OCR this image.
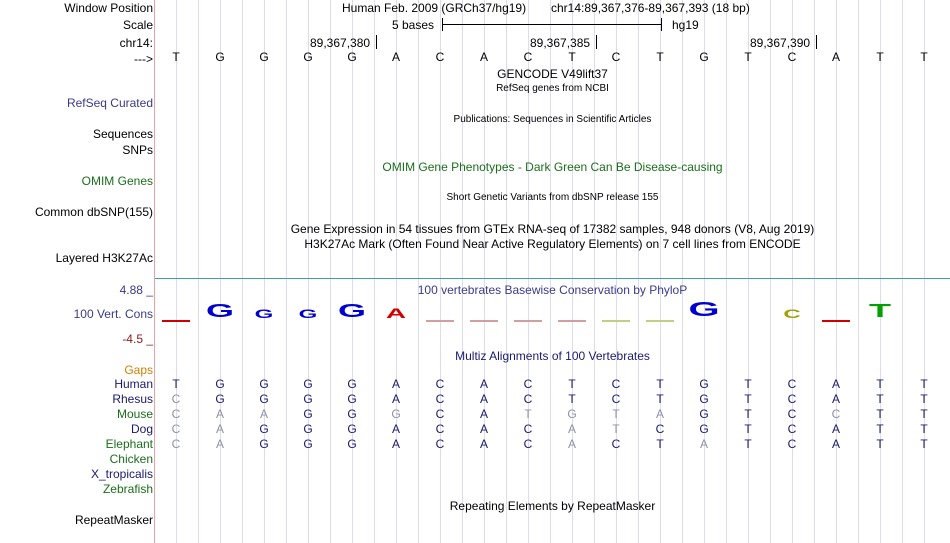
Window Position
Scale
chr14:
--->
RefSeq Curated
Sequences
SNPs
OMIM Genes
Common dbSNP(155)
Layered H3K27Ac
4.88 _
100 Vert. Cons
-4.5 _
Gaps
RepeatMasker
Human Feb. 2009 (GRCh37/hg19) chr14:89,367,376-89,367,393 (18 bp)
5 bases	hg19
89,367,380	89,367,385	89,367,390
GENCODE V49lift37
RefSeq genes from NCBI
Publications: Sequences in Scientific Articles
OMIM Gene Phenotypes - Dark Green Can Be Disease-causing
Short Genetic Variants from dbSNP release 155
Gene Expression in 54 tissues from GTEx RNA-seq of 17382 samples, 948 donors (V8, Aug 2019)
H3K27Ac Mark (Often Found Near Active Regulatory Elements) on 7 cell lines from ENCODE
100 vertebrates Basewise Conservation by PhyloP
Multiz Alignments of 100 Vertebrates
Repeating Elements by RepeatMasker
T	G	G	G	G	A	C	A	C	T	C	T	G	T	C	A	T	T
G	G	G	G	A	G	C	T
Human	T	G	G	G	G	A	C	A	C	T	C	T	G	T	C	A	T	T
Rhesus	C	G	G	G	G	A	C	A	C	T	C	T	G	T	C	A	T	T
Mouse	C	A	A	G	G	G	C	A	T	G	T	A	G	T	C	C	T	T
Dog	C	A	G	G	G	A	C	A	C	A	T	C	G	T	C	A	T	T
Elephant	C	A	G	G	G	A	C	A	C	A	C	T	A	T	C	A	T	T
Chicken
X_tropicalis
Zebrafish
